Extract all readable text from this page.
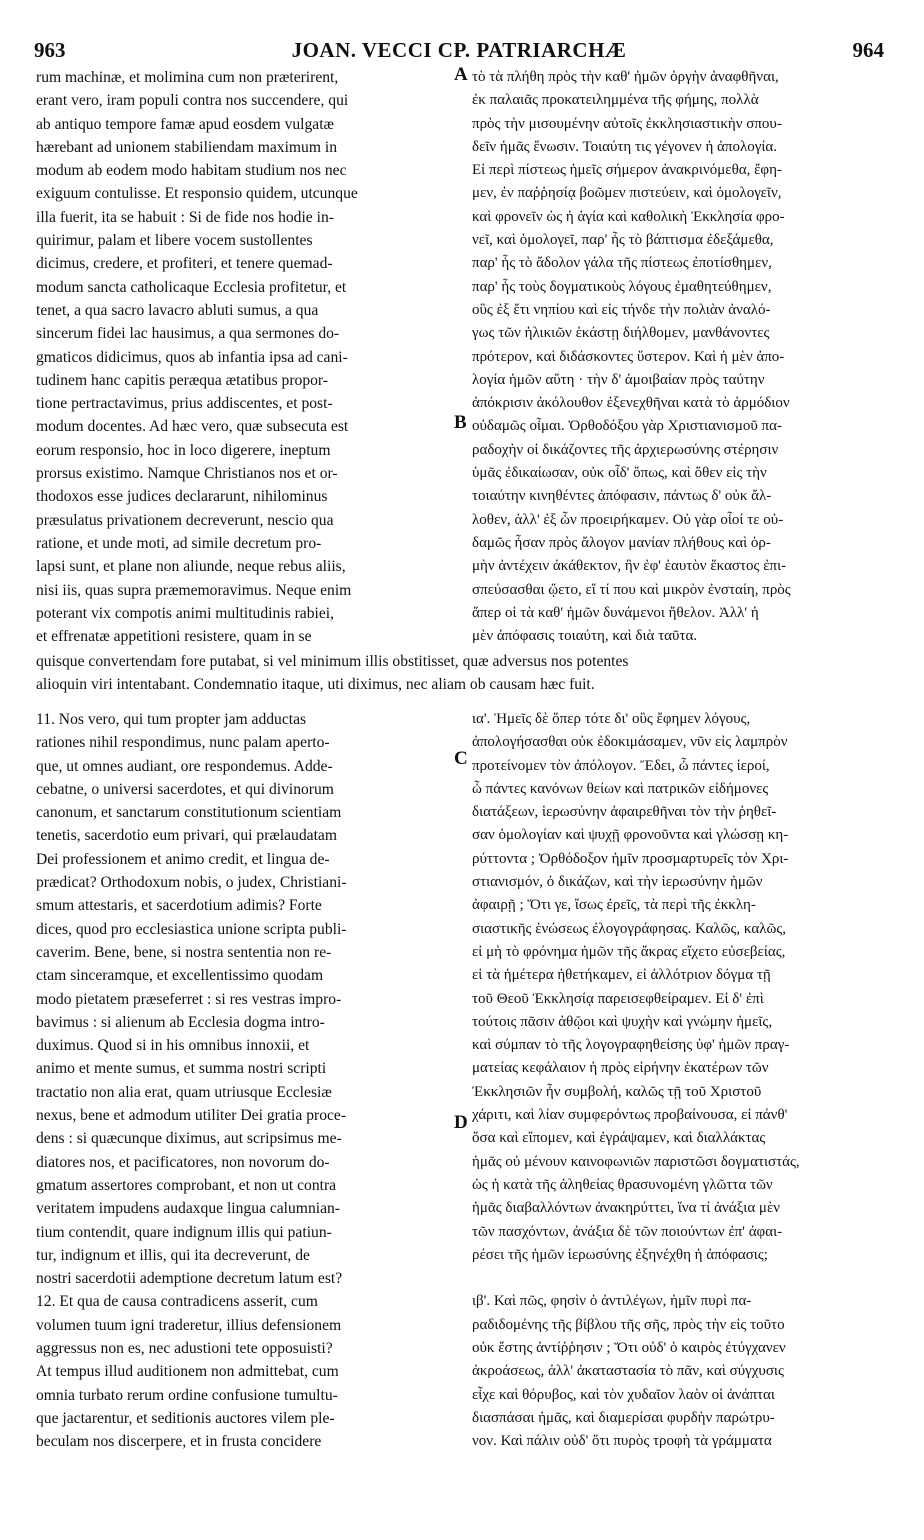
963	JOAN. VECCI CP. PATRIARCHÆ	964
A
B
C
D
rum machinæ, et molimina cum non præterirent,
erant vero, iram populi contra nos succendere, qui
ab antiquo tempore famæ apud eosdem vulgatæ
hærebant ad unionem stabiliendam maximum in
modum ab eodem modo habitam studium nos nec
exiguum contulisse. Et responsio quidem, utcunque
illa fuerit, ita se habuit : Si de fide nos hodie in-
quirimur, palam et libere vocem sustollentes
dicimus, credere, et profiteri, et tenere quemad-
modum sancta catholicaque Ecclesia profitetur, et
tenet, a qua sacro lavacro abluti sumus, a qua
sincerum fidei lac hausimus, a qua sermones do-
gmaticos didicimus, quos ab infantia ipsa ad cani-
tudinem hanc capitis peræqua ætatibus propor-
tione pertractavimus, prius addiscentes, et post-
modum docentes. Ad hæc vero, quæ subsecuta est
eorum responsio, hoc in loco digerere, ineptum
prorsus existimo. Namque Christianos nos et or-
thodoxos esse judices declararunt, nihilominus
præsulatus privationem decreverunt, nescio qua
ratione, et unde moti, ad simile decretum pro-
lapsi sunt, et plane non aliunde, neque rebus aliis,
nisi iis, quas supra præmemoravimus. Neque enim
poterant vix compotis animi multitudinis rabiei,
et effrenatæ appetitioni resistere, quam in se
τὸ τὰ πλήθη πρὸς τὴν καθ' ἡμῶν ὀργὴν ἀναφθῆναι,
ἐκ παλαιᾶς προκατειλημμένα τῆς φήμης, πολλὰ
πρὸς τὴν μισουμένην αὐτοῖς ἐκκλησιαστικὴν σπου-
δεῖν ἡμᾶς ἕνωσιν. Τοιαύτη τις γέγονεν ἡ ἀπολογία.
Εἰ περὶ πίστεως ἡμεῖς σήμερον ἀνακρινόμεθα, ἔφη-
μεν, ἐν παῤῥησίᾳ βοῶμεν πιστεύειν, καὶ ὁμολογεῖν,
καὶ φρονεῖν ὡς ἡ ἁγία καὶ καθολικὴ Ἐκκλησία φρο-
νεῖ, καὶ ὁμολογεῖ, παρ' ἧς τὸ βάπτισμα ἐδεξάμεθα,
παρ' ἧς τὸ ἄδολον γάλα τῆς πίστεως ἐποτίσθημεν,
παρ' ἧς τοὺς δογματικοὺς λόγους ἐμαθητεύθημεν,
οὓς ἐξ ἔτι νηπίου καὶ εἰς τήνδε τὴν πολιὰν ἀναλό-
γως τῶν ἡλικιῶν ἑκάστῃ διήλθομεν, μανθάνοντες
πρότερον, καὶ διδάσκοντες ὕστερον. Καὶ ἡ μὲν ἀπο-
λογία ἡμῶν αὕτη · τὴν δ' ἀμοιβαίαν πρὸς ταύτην
ἀπόκρισιν ἀκόλουθον ἐξενεχθῆναι κατὰ τὸ ἁρμόδιον
οὐδαμῶς οἶμαι. Ὀρθοδόξου γὰρ Χριστιανισμοῦ πα-
ραδοχὴν οἱ δικάζοντες τῆς ἀρχιερωσύνης στέρησιν
ὑμᾶς ἐδικαίωσαν, οὐκ οἶδ' ὅπως, καὶ ὅθεν εἰς τὴν
τοιαύτην κινηθέντες ἀπόφασιν, πάντως δ' οὐκ ἄλ-
λοθεν, ἀλλ' ἐξ ὧν προειρήκαμεν. Οὐ γὰρ οἷοί τε οὐ-
δαμῶς ἦσαν πρὸς ἄλογον μανίαν πλήθους καὶ ὁρ-
μὴν ἀντέχειν ἀκάθεκτον, ἣν ἐφ' ἑαυτὸν ἕκαστος ἐπι-
σπεύσασθαι ᾤετο, εἴ τί που καὶ μικρὸν ἐνσταίη, πρὸς
ἅπερ οἱ τὰ καθ' ἡμῶν δυνάμενοι ἤθελον. Ἀλλ' ἡ
μὲν ἀπόφασις τοιαύτη, καὶ διὰ ταῦτα.
quisque convertendam fore putabat, si vel minimum illis obstitisset, quæ adversus nos potentes
alioquin viri intentabant. Condemnatio itaque, uti diximus, nec aliam ob causam hæc fuit.
11. Nos vero, qui tum propter jam adductas
rationes nihil respondimus, nunc palam aperto-
que, ut omnes audiant, ore respondemus. Adde-
cebatne, o universi sacerdotes, et qui divinorum
canonum, et sanctarum constitutionum scientiam
tenetis, sacerdotio eum privari, qui prælaudatam
Dei professionem et animo credit, et lingua de-
prædicat? Orthodoxum nobis, o judex, Christiani-
smum attestaris, et sacerdotium adimis? Forte
dices, quod pro ecclesiastica unione scripta publi-
caverim. Bene, bene, si nostra sententia non re-
ctam sinceramque, et excellentissimo quodam
modo pietatem præseferret : si res vestras impro-
bavimus : si alienum ab Ecclesia dogma intro-
duximus. Quod si in his omnibus innoxii, et
animo et mente sumus, et summa nostri scripti
tractatio non alia erat, quam utriusque Ecclesiæ
nexus, bene et admodum utiliter Dei gratia proce-
dens : si quæcunque diximus, aut scripsimus me-
diatores nos, et pacificatores, non novorum do-
gmatum assertores comprobant, et non ut contra
veritatem impudens audaxque lingua calumnian-
tium contendit, quare indignum illis qui patiun-
tur, indignum et illis, qui ita decreverunt, de
nostri sacerdotii ademptione decretum latum est?
12. Et qua de causa contradicens asserit, cum
volumen tuum igni traderetur, illius defensionem
aggressus non es, nec adustioni tete opposuisti?
At tempus illud auditionem non admittebat, cum
omnia turbato rerum ordine confusione tumultu-
que jactarentur, et seditionis auctores vilem ple-
beculam nos discerpere, et in frusta concidere
ια'. Ἡμεῖς δὲ ὅπερ τότε δι' οὓς ἔφημεν λόγους,
ἀπολογήσασθαι οὐκ ἐδοκιμάσαμεν, νῦν εἰς λαμπρὸν
προτείνομεν τὸν ἀπόλογον. Ἔδει, ὦ πάντες ἱεροί,
ὦ πάντες κανόνων θείων καὶ πατρικῶν εἰδήμονες
διατάξεων, ἱερωσύνην ἀφαιρεθῆναι τὸν τὴν ῥηθεῖ-
σαν ὁμολογίαν καὶ ψυχῇ φρονοῦντα καὶ γλώσσῃ κη-
ρύττοντα ; Ὀρθόδοξον ἡμῖν προσμαρτυρεῖς τὸν Χρι-
στιανισμόν, ὁ δικάζων, καὶ τὴν ἱερωσύνην ἡμῶν
ἀφαιρῇ ; Ὅτι γε, ἴσως ἐρεῖς, τὰ περὶ τῆς ἐκκλη-
σιαστικῆς ἑνώσεως ἐλογογράφησας. Καλῶς, καλῶς,
εἰ μὴ τὸ φρόνημα ἡμῶν τῆς ἄκρας εἴχετο εὐσεβείας,
εἰ τὰ ἡμέτερα ἠθετήκαμεν, εἰ ἀλλότριον δόγμα τῇ
τοῦ Θεοῦ Ἐκκλησίᾳ παρεισεφθείραμεν. Εἰ δ' ἐπὶ
τούτοις πᾶσιν ἀθῷοι καὶ ψυχὴν καὶ γνώμην ἡμεῖς,
καὶ σύμπαν τὸ τῆς λογογραφηθείσης ὑφ' ἡμῶν πραγ-
ματείας κεφάλαιον ἡ πρὸς εἰρήνην ἑκατέρων τῶν
Ἐκκλησιῶν ἦν συμβολή, καλῶς τῇ τοῦ Χριστοῦ
χάριτι, καὶ λίαν συμφερόντως προβαίνουσα, εἰ πάνθ'
ὅσα καὶ εἴπομεν, καὶ ἐγράψαμεν, καὶ διαλλάκτας
ἡμᾶς οὐ μένουν καινοφωνιῶν παριστῶσι δογματιστάς,
ὡς ἡ κατὰ τῆς ἀληθείας θρασυνομένη γλῶττα τῶν
ἡμᾶς διαβαλλόντων ἀνακηρύττει, ἵνα τί ἀνάξια μὲν
τῶν πασχόντων, ἀνάξια δὲ τῶν ποιούντων ἐπ' ἀφαι-
ρέσει τῆς ἡμῶν ἱερωσύνης ἐξηνέχθη ἡ ἀπόφασις;

ιβ'. Καὶ πῶς, φησὶν ὁ ἀντιλέγων, ἡμῖν πυρὶ πα-
ραδιδομένης τῆς βίβλου τῆς σῆς, πρὸς τὴν εἰς τοῦτο
οὐκ ἔστης ἀντίῤῥησιν ; Ὅτι οὐδ' ὁ καιρὸς ἐτύγχανεν
ἀκροάσεως, ἀλλ' ἀκαταστασία τὸ πᾶν, καὶ σύγχυσις
εἶχε καὶ θόρυβος, καὶ τὸν χυδαῖον λαὸν οἱ ἀνάπται
διασπάσαι ἡμᾶς, καὶ διαμερίσαι φυρδὴν παρώτρυ-
νον. Καὶ πάλιν οὐδ' ὅτι πυρὸς τροφὴ τὰ γράμματα
